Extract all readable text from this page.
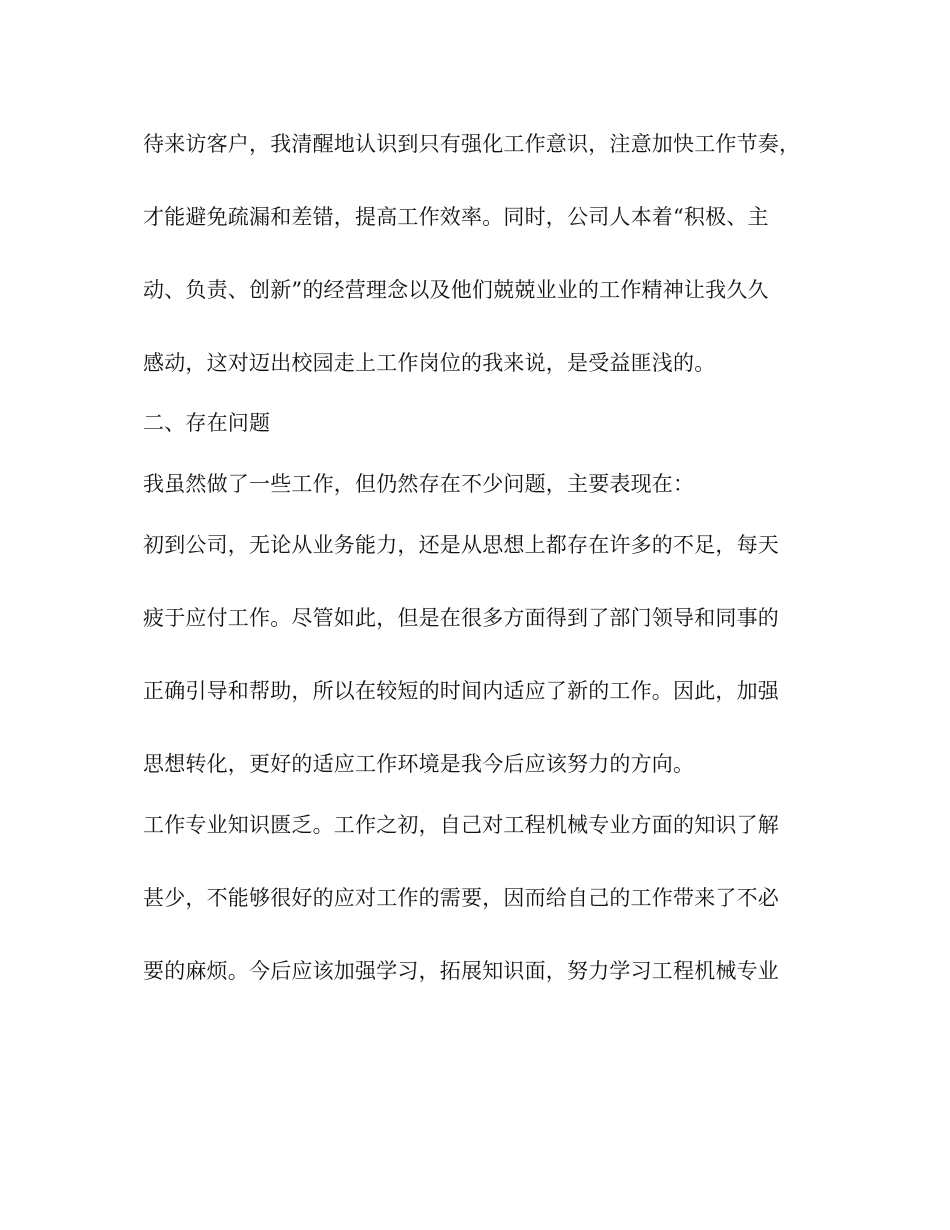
待来访客户，我清醒地认识到只有强化工作意识，注意加快工作节奏，
才能避免疏漏和差错，提高工作效率。同时，公司人本着“积极、主
动、负责、创新”的经营理念以及他们兢兢业业的工作精神让我久久
感动，这对迈出校园走上工作岗位的我来说，是受益匪浅的。
二、存在问题
我虽然做了一些工作，但仍然存在不少问题，主要表现在：
初到公司，无论从业务能力，还是从思想上都存在许多的不足，每天
疲于应付工作。尽管如此，但是在很多方面得到了部门领导和同事的
正确引导和帮助，所以在较短的时间内适应了新的工作。因此，加强
思想转化，更好的适应工作环境是我今后应该努力的方向。
工作专业知识匮乏。工作之初，自己对工程机械专业方面的知识了解
甚少，不能够很好的应对工作的需要，因而给自己的工作带来了不必
要的麻烦。今后应该加强学习，拓展知识面，努力学习工程机械专业
